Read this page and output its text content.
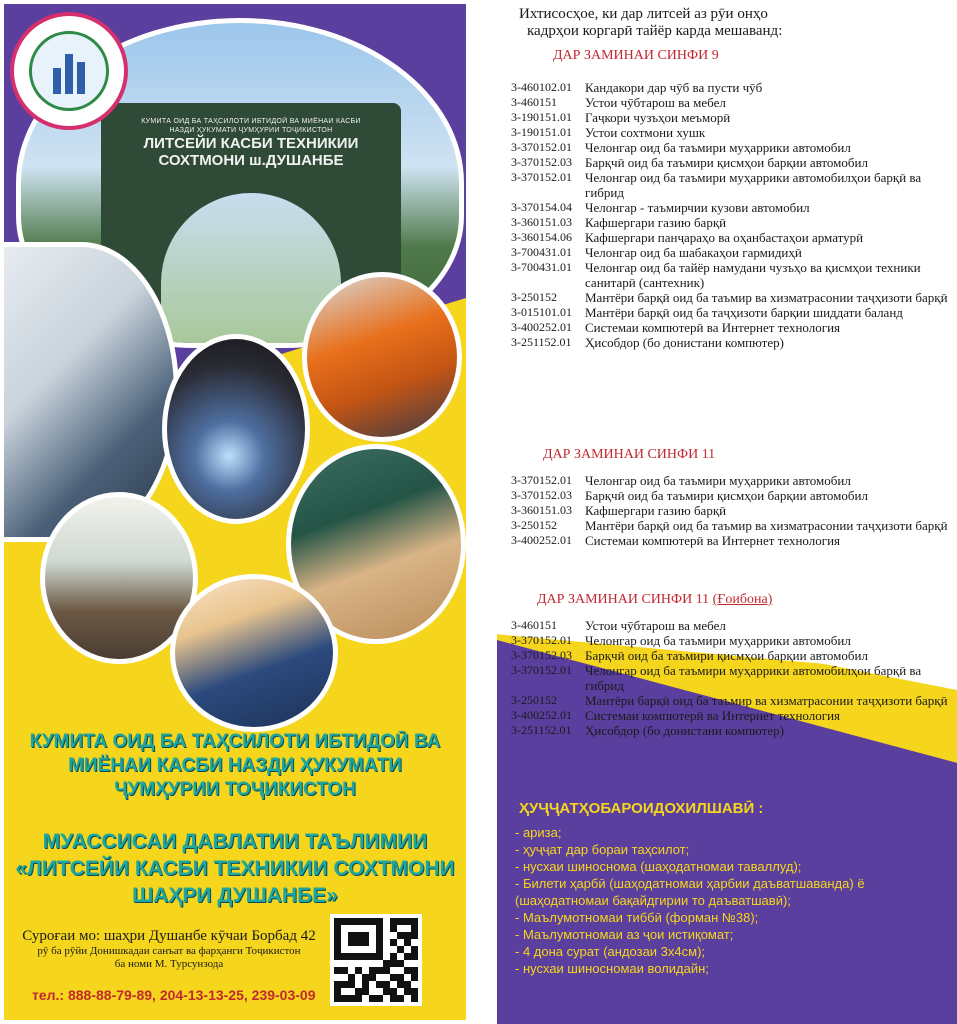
КУМИТА ОИД БА ТАҲСИЛОТИ ИБТИДОӢ ВА МИЁНАИ КАСБИ
НАЗДИ ҲУКУМАТИ ҶУМҲУРИИ ТОҶИКИСТОН
ЛИТСЕЙИ КАСБИ ТЕХНИКИИ
СОХТМОНИ ш.ДУШАНБЕ
КУМИТА ОИД БА ТАҲСИЛОТИ ИБТИДОӢ ВА
МИЁНАИ КАСБИ НАЗДИ ҲУКУМАТИ
ҶУМҲУРИИ ТОҶИКИСТОН
МУАССИСАИ ДАВЛАТИИ ТАЪЛИМИИ
«ЛИТСЕЙИ КАСБИ ТЕХНИКИИ СОХТМОНИ
ШАҲРИ ДУШАНБЕ»
Суроғаи мо: шаҳри Душанбе кӯчаи Борбад 42
рӯ ба рӯйи Донишкадаи санъат ва фарҳанги Тоҷикистон
ба номи М. Турсунзода
тел.: 888-88-79-89, 204-13-13-25, 239-03-09
Ихтисосҳое, ки дар литсей аз рӯи онҳо
кадрҳои коргарӣ тайёр карда мешаванд:
ДАР ЗАМИНАИ СИНФИ 9
3-460102.01	Кандакори дар чӯб ва пусти чӯб
3-460151	Устои чӯбтарош ва мебел
3-190151.01	Гаҷкори чузъҳои меъморӣ
3-190151.01	Устои сохтмони хушк
3-370152.01	Челонгар оид ба таъмири муҳаррики автомобил
3-370152.03	Барқчӣ оид ба таъмири қисмҳои барқии автомобил
3-370152.01	Челонгар оид ба таъмири муҳаррики автомобилҳои барқӣ ва гибрид
3-370154.04	Челонгар - таъмирчии кузови автомобил
3-360151.03	Кафшергари газию барқӣ
3-360154.06	Кафшергари панҷараҳо ва оҳанбастаҳои арматурӣ
3-700431.01	Челонгар оид ба шабакаҳои гармидиҳӣ
3-700431.01	Челонгар оид ба тайёр намудани чузъҳо ва қисмҳои техники санитарӣ (сантехник)
3-250152	Мантёри барқӣ оид ба таъмир ва хизматрасонии таҷҳизоти барқӣ
3-015101.01	Мантёри барқӣ оид ба таҷҳизоти барқии шиддати баланд
3-400252.01	Системаи компютерӣ ва Интернет технология
3-251152.01	Ҳисобдор (бо донистани компютер)
ДАР ЗАМИНАИ СИНФИ 11
3-370152.01	Челонгар оид ба таъмири муҳаррики автомобил
3-370152.03	Барқчӣ оид ба таъмири қисмҳои барқии автомобил
3-360151.03	Кафшергари газию барқӣ
3-250152	Мантёри барқӣ оид ба таъмир ва хизматрасонии таҷҳизоти барқӣ
3-400252.01	Системаи компютерӣ ва Интернет технология
ДАР ЗАМИНАИ СИНФИ 11 (Ғоибона)
3-460151	Устои чӯбтарош ва мебел
3-370152.01	Челонгар оид ба таъмири муҳаррики автомобил
3-370152.03	Барқчӣ оид ба таъмири қисмҳои барқии автомобил
3-370152.01	Челонгар оид ба таъмири муҳаррики автомобилҳои барқӣ ва гибрид
3-250152	Мантёри барқӣ оид ба таъмир ва хизматрасонии таҷҳизоти барқӣ
3-400252.01	Системаи компютерӣ ва Интернет технология
3-251152.01	Ҳисобдор (бо донистани компютер)
ҲУҶҶАТҲОБАРОИДОХИЛШАВӢ :
- ариза;
- ҳуҷҷат дар бораи таҳсилот;
- нусхаи шиноснома (шаҳодатномаи таваллуд);
- Билети ҳарбӣ (шаҳодатномаи ҳарбии даъватшаванда) ё
(шаҳодатномаи бақайдгирии то даъватшавӣ);
- Маълумотномаи тиббӣ (форман №38);
- Маълумотномаи аз ҷои истиқомат;
- 4 дона сурат (андозаи 3х4см);
- нусхаи шиносномаи волидайн;
